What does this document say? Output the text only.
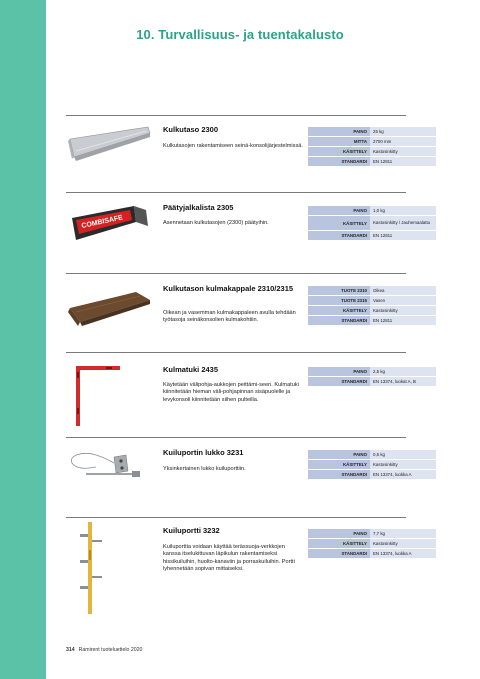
10. Turvallisuus- ja tuentakalusto
Kulkutaso 2300
Kulkutasojen rakentamiseen seinä-konsolijärjestelmissä.
PAINO	25 kg
MITTA	2700 mm
KÄSITTELY	Kastosinkitty
STANDARDI	EN 12811
COMBISAFE
Päätyjalkalista 2305
Asennetaan kulkutasojen (2300) päätyihin.
PAINO	1,0 kg
KÄSITTELY	Kastosinkitty / Jauhemaalattu
STANDARDI	EN 12811
Kulkutason kulmakappale 2310/2315
Oikean ja vasemman kulmakappaleen avulla tehdään työtasoja seinäkonsolien kulmakohtiin.
TUOTE 2310	Oikea
TUOTE 2315	Vasen
KÄSITTELY	Kastosinkitty
STANDARDI	EN 12811
Kulmatuki 2435
Käytetään välipohja-aukkojen peittämi-seen. Kulmatuki kiinnitetään hieman väli-pohjapinnan sisäpuolelle ja levykonsoli kiinnitetään siihen pulteilla.
PAINO	2,5 kg
STANDARDI	EN 13374, luokat A, B
Kuiluportin lukko 3231
Yksinkertainen lukko kuiluporttiin.
PAINO	0,5 kg
KÄSITTELY	Kastosinkitty
STANDARDI	EN 13374, luokka A
Kuiluportti 3232
Kuiluporttia voidaan käyttää terässuoja-verkkojen kanssa itselukittuvan läpikulun rakentamiseksi hissikuiluihin, huolto-kanaviin ja porraskuiluihin. Portti lyhennetään sopivan mittaiseksi.
PAINO	7,7 kg
KÄSITTELY	Kastosinkitty
STANDARDI	EN 13374, luokka A
314 Ramirent tuoteluettelo 2020
